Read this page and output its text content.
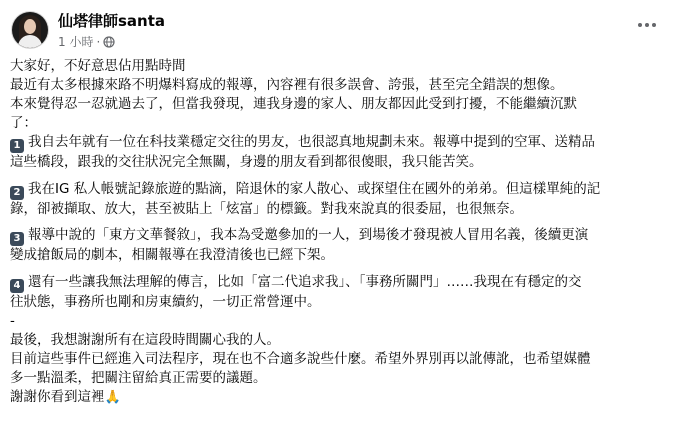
仙塔律師santa
1 小時 ·
大家好，不好意思佔用點時間
最近有太多根據來路不明爆料寫成的報導，內容裡有很多誤會、誇張，甚至完全錯誤的想像。
本來覺得忍一忍就過去了，但當我發現，連我身邊的家人、朋友都因此受到打擾，不能繼續沉默
了：
1 我自去年就有一位在科技業穩定交往的男友，也很認真地規劃未來。報導中提到的空軍、送精品
這些橋段，跟我的交往狀況完全無關，身邊的朋友看到都很傻眼，我只能苦笑。
2 我在IG 私人帳號記錄旅遊的點滴，陪退休的家人散心、或探望住在國外的弟弟。但這樣單純的記
錄，卻被擷取、放大，甚至被貼上「炫富」的標籤。對我來說真的很委屈，也很無奈。
3 報導中說的「東方文華餐敘」，我本為受邀參加的一人，到場後才發現被人冒用名義，後續更演
變成搶飯局的劇本，相關報導在我澄清後也已經下架。
4 還有一些讓我無法理解的傳言，比如「富二代追求我」、「事務所關門」……我現在有穩定的交
往狀態，事務所也剛和房東續約，一切正常營運中。
-
最後，我想謝謝所有在這段時間關心我的人。
目前這些事件已經進入司法程序，現在也不合適多說些什麼。希望外界別再以訛傳訛，也希望媒體
多一點溫柔，把關注留給真正需要的議題。
謝謝你看到這裡🙏
